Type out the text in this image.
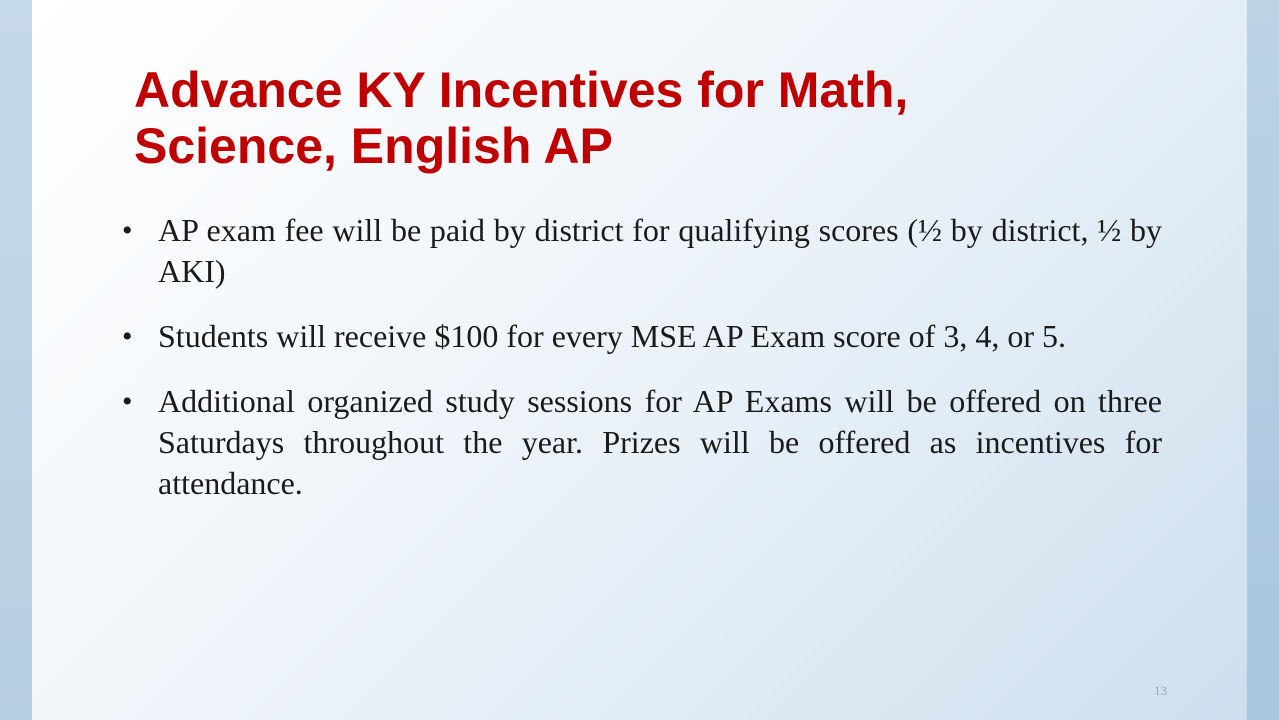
Advance KY Incentives for Math,
Science, English AP
• AP exam fee will be paid by district for qualifying scores (½ by district, ½ by AKI)
• Students will receive $100 for every MSE AP Exam score of 3, 4, or 5.
• Additional organized study sessions for AP Exams will be offered on three Saturdays throughout the year. Prizes will be offered as incentives for attendance.
13
